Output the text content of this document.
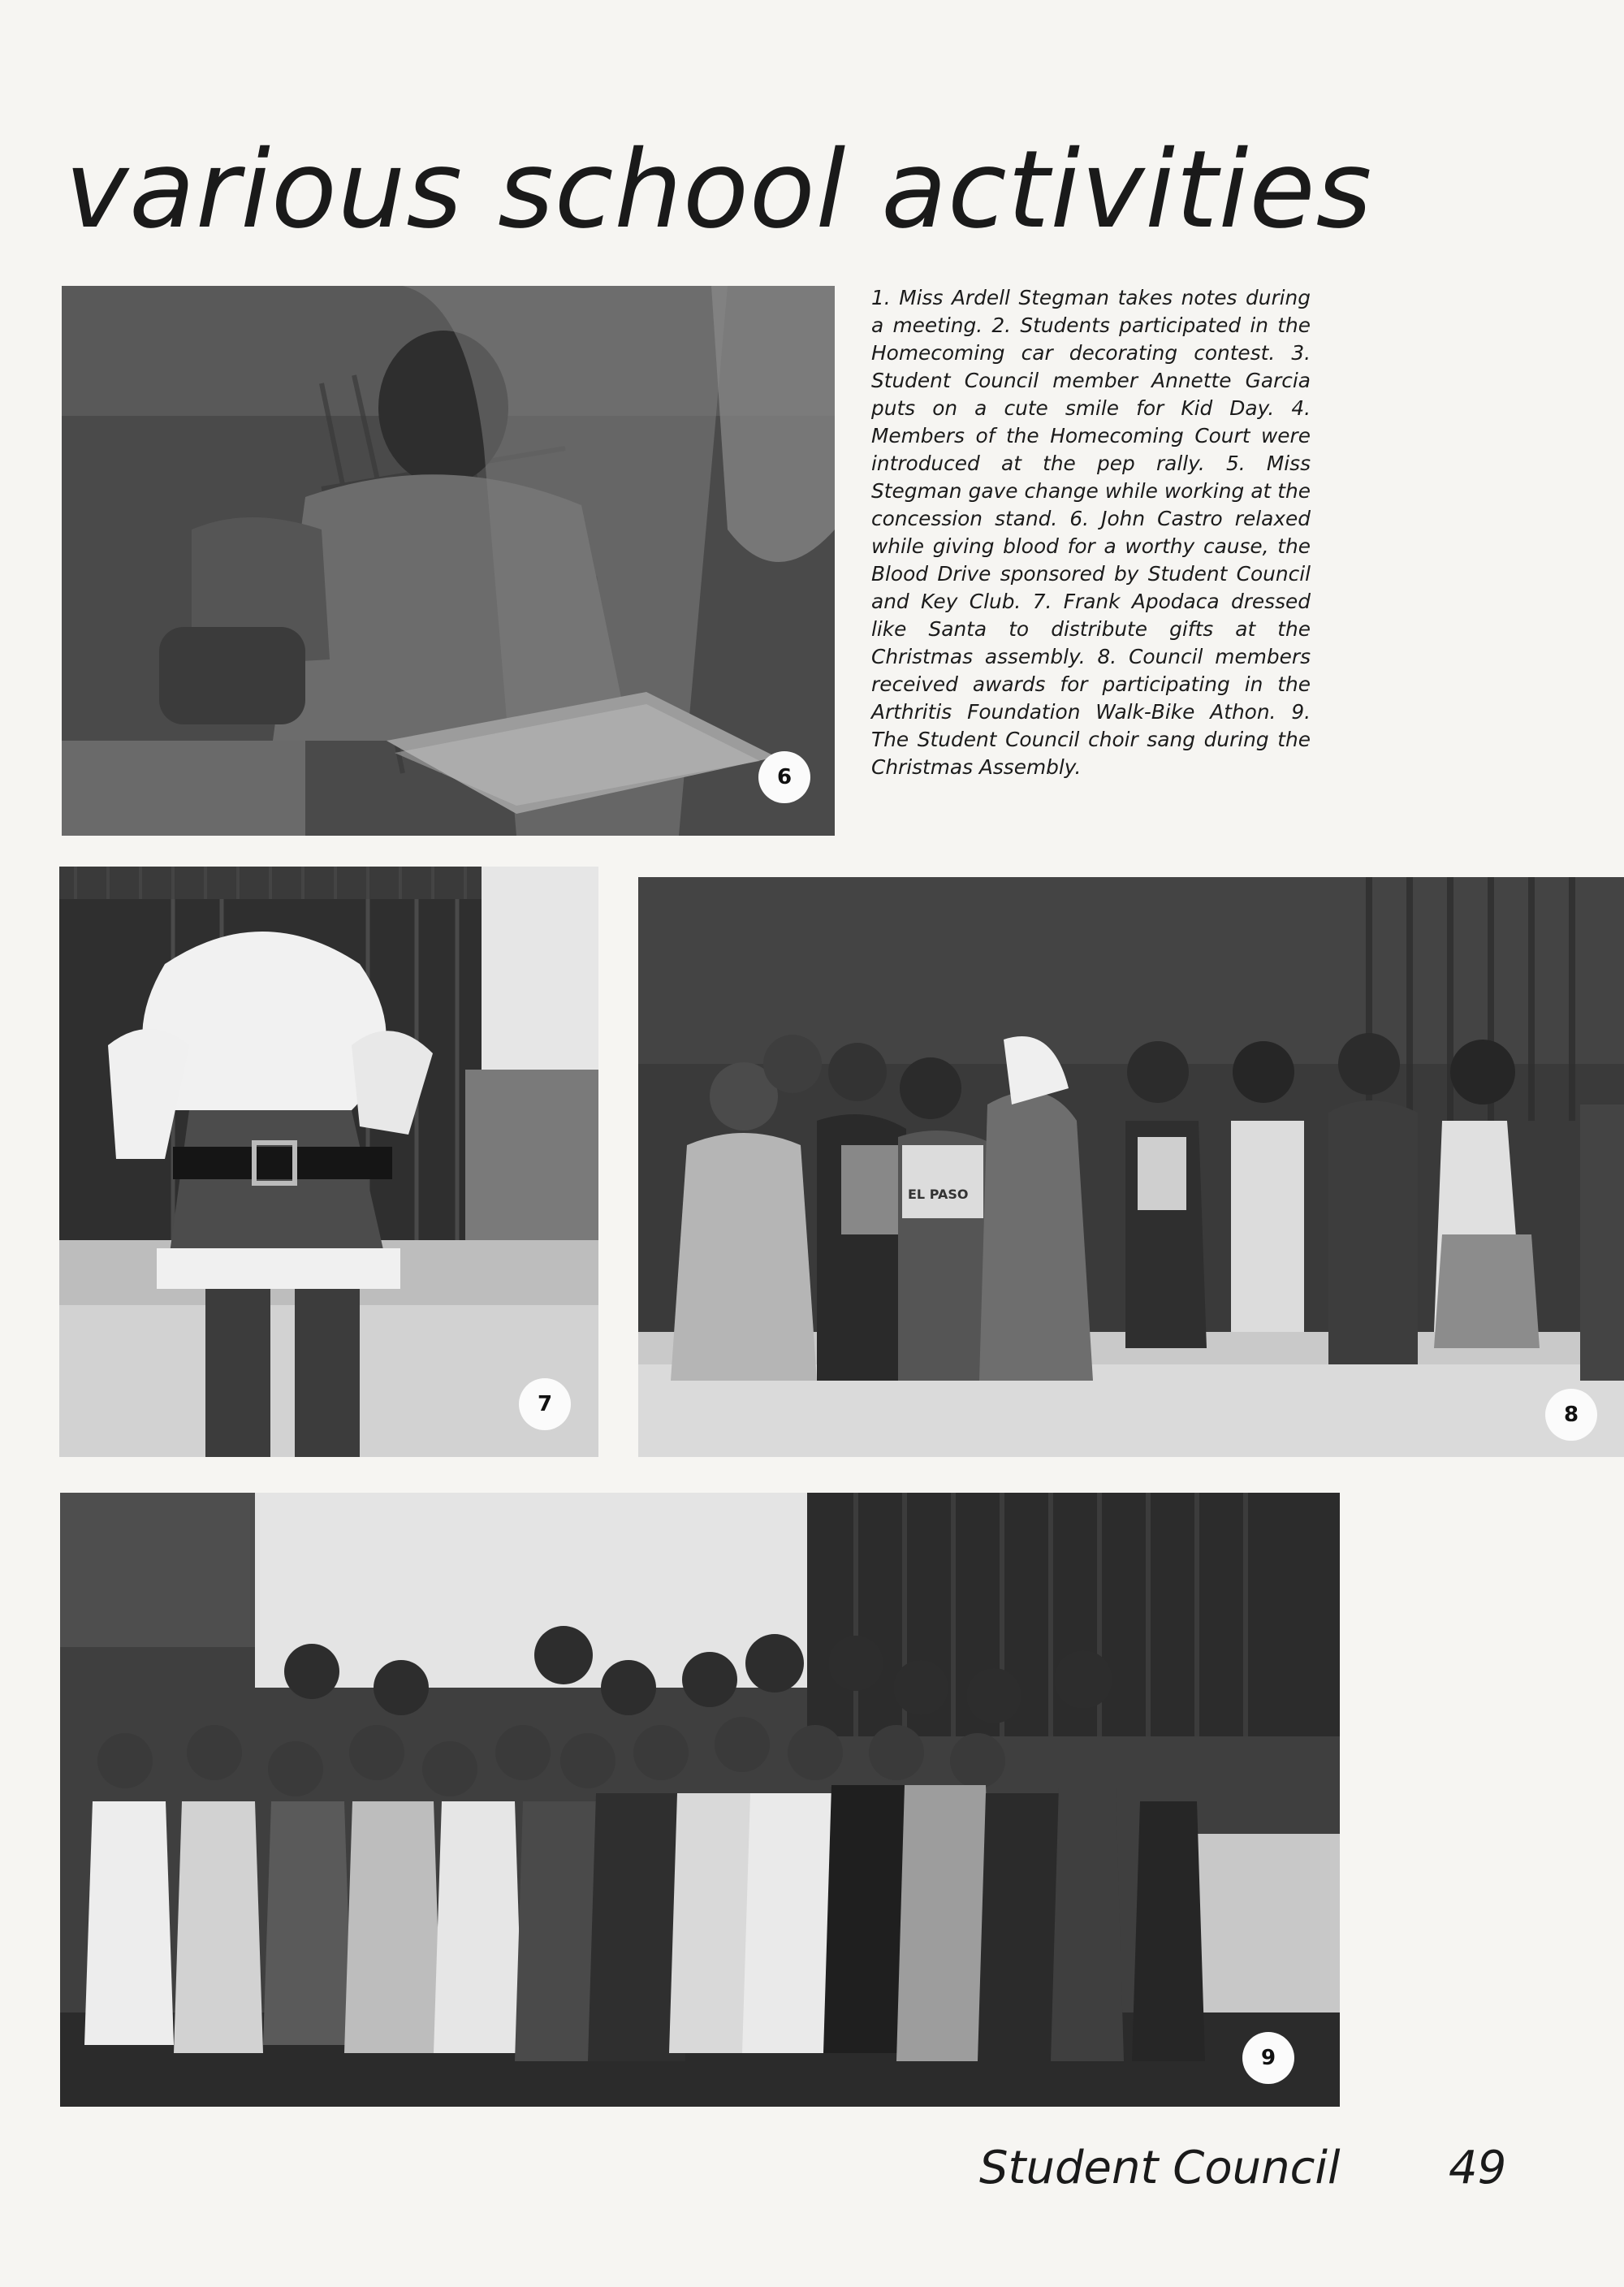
various school activities
6

1. Miss Ardell Stegman takes notes during a meeting. 2. Students participated in the Homecoming car decorating contest. 3. Student Council member Annette Garcia puts on a cute smile for Kid Day. 4. Members of the Homecoming Court were introduced at the pep rally. 5. Miss Stegman gave change while working at the concession stand. 6. John Castro relaxed while giving blood for a worthy cause, the Blood Drive sponsored by Student Council and Key Club. 7. Frank Apodaca dressed like Santa to distribute gifts at the Christmas assembly. 8. Council members received awards for participating in the Arthritis Foundation Walk-Bike Athon. 9. The Student Council choir sang during the Christmas Assembly.

7
EL PASO
8
9
Student Council 49
